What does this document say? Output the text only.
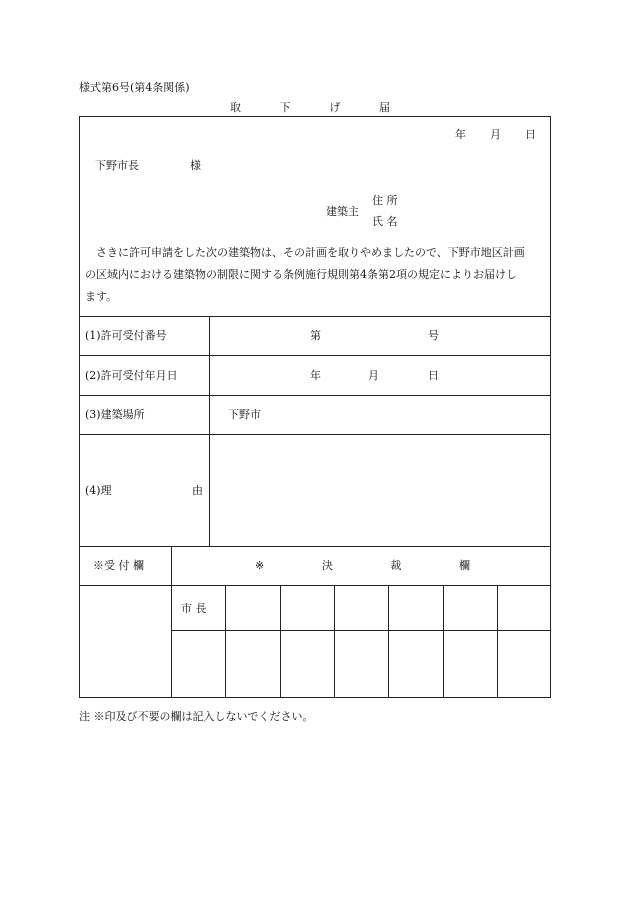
様式第6号(第4条関係)
取	下	げ	届
年 月 日
下野市長	様
建築主
住 所
氏 名

さきに許可申請をした次の建築物は、その計画を取りやめましたので、下野市地区計画

の区域内における建築物の制限に関する条例施行規則第4条第2項の規定によりお届けし

ます。

(1)許可受付番号	第	号
(2)許可受付年月日	年	月	日
(3)建築場所	下野市
(4)理	由
※受 付 欄	※	決	裁	欄
市 長
注 ※印及び不要の欄は記入しないでください。
